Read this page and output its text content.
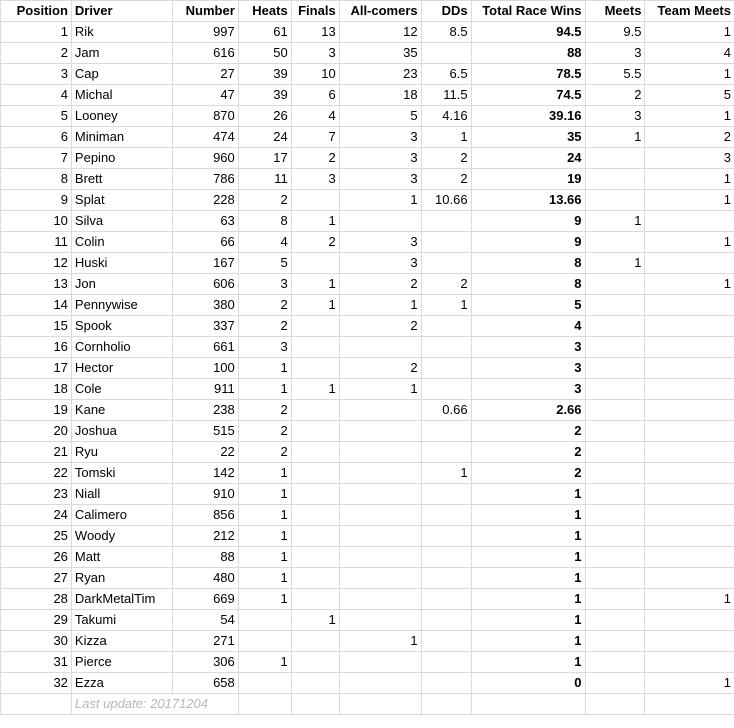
Position	Driver	Number	Heats	Finals	All-comers	DDs	Total Race Wins	Meets	Team Meets
1	Rik	997	61	13	12	8.5	94.5	9.5	1
2	Jam	616	50	3	35		88	3	4
3	Cap	27	39	10	23	6.5	78.5	5.5	1
4	Michal	47	39	6	18	11.5	74.5	2	5
5	Looney	870	26	4	5	4.16	39.16	3	1
6	Miniman	474	24	7	3	1	35	1	2
7	Pepino	960	17	2	3	2	24		3
8	Brett	786	11	3	3	2	19		1
9	Splat	228	2		1	10.66	13.66		1
10	Silva	63	8	1			9	1	
11	Colin	66	4	2	3		9		1
12	Huski	167	5		3		8	1	
13	Jon	606	3	1	2	2	8		1
14	Pennywise	380	2	1	1	1	5		
15	Spook	337	2		2		4		
16	Cornholio	661	3				3		
17	Hector	100	1		2		3		
18	Cole	911	1	1	1		3		
19	Kane	238	2			0.66	2.66		
20	Joshua	515	2				2		
21	Ryu	22	2				2		
22	Tomski	142	1			1	2		
23	Niall	910	1				1		
24	Calimero	856	1				1		
25	Woody	212	1				1		
26	Matt	88	1				1		
27	Ryan	480	1				1		
28	DarkMetalTim	669	1				1		1
29	Takumi	54		1			1		
30	Kizza	271			1		1		
31	Pierce	306	1				1		
32	Ezza	658					0		1
	Last update: 20171204								
